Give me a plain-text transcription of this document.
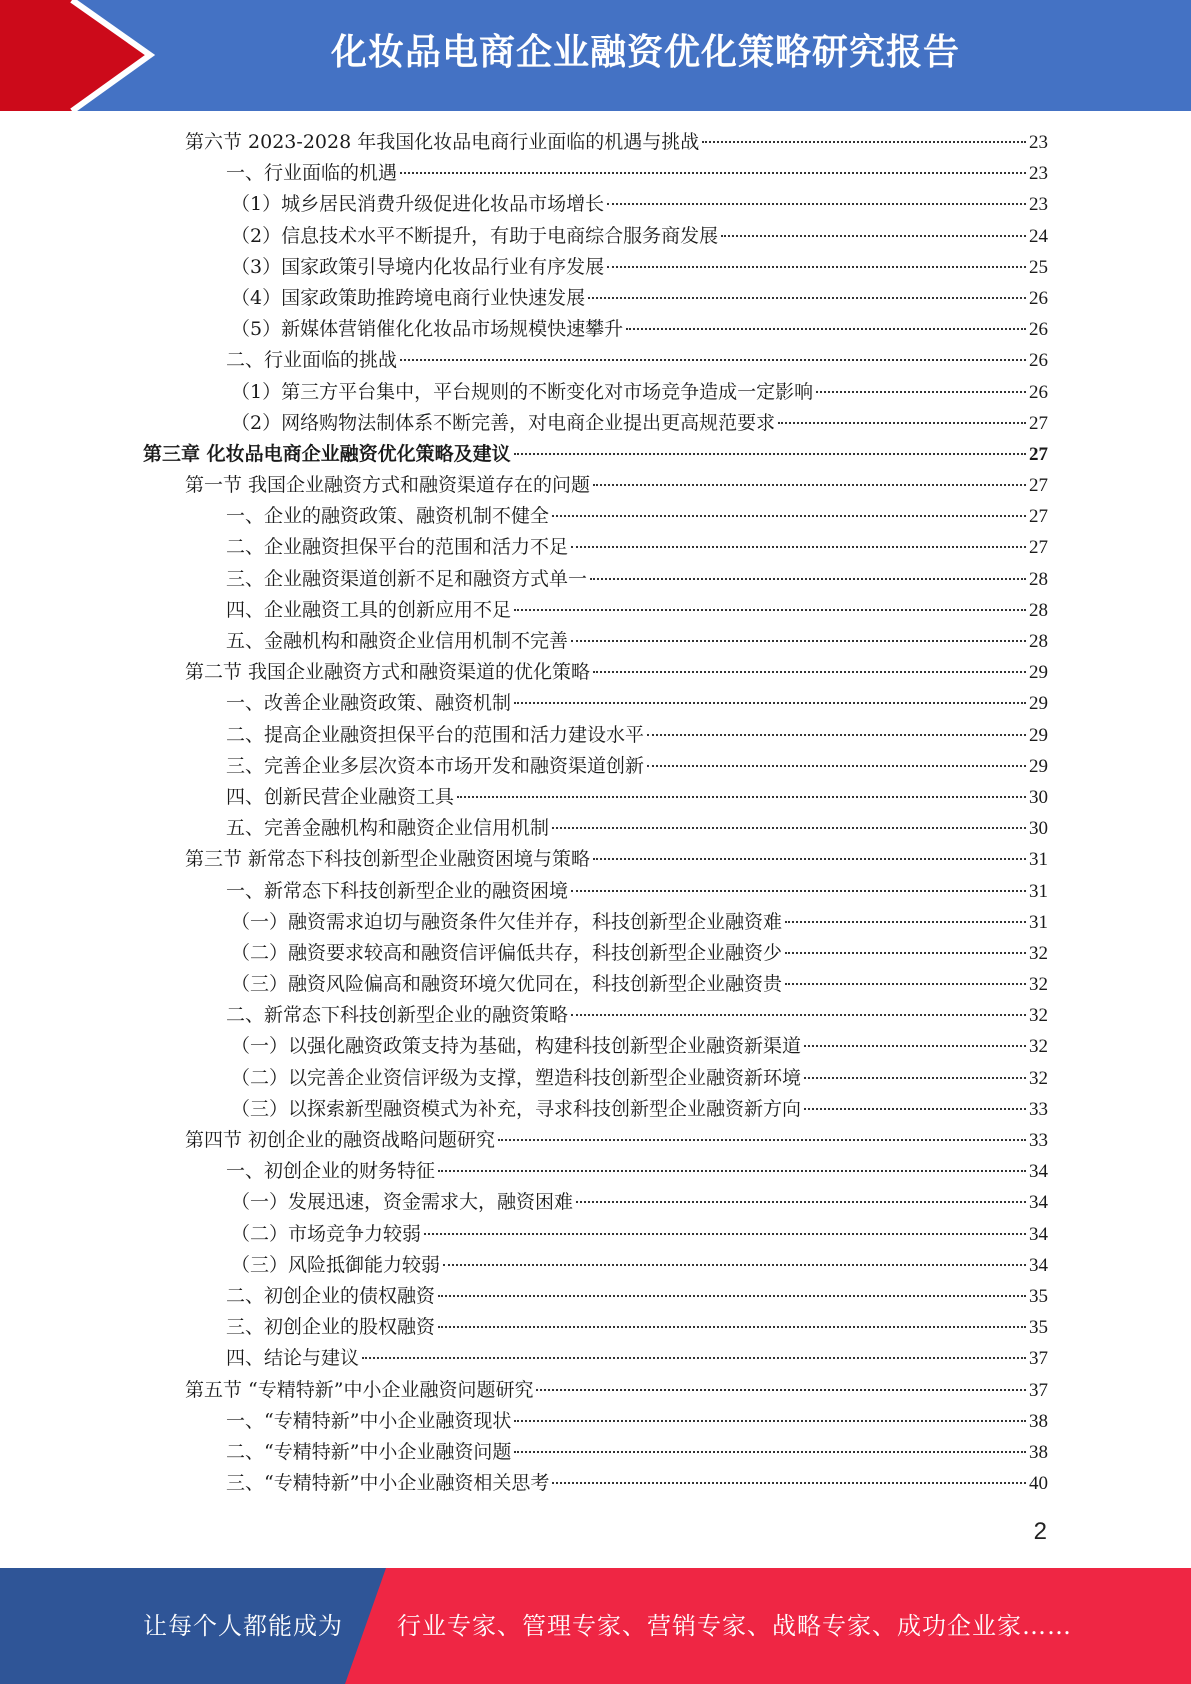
化妆品电商企业融资优化策略研究报告
第六节 2023-2028 年我国化妆品电商行业面临的机遇与挑战	23
一、行业面临的机遇	23
（1）城乡居民消费升级促进化妆品市场增长	23
（2）信息技术水平不断提升，有助于电商综合服务商发展	24
（3）国家政策引导境内化妆品行业有序发展	25
（4）国家政策助推跨境电商行业快速发展	26
（5）新媒体营销催化化妆品市场规模快速攀升	26
二、行业面临的挑战	26
（1）第三方平台集中，平台规则的不断变化对市场竞争造成一定影响	26
（2）网络购物法制体系不断完善，对电商企业提出更高规范要求	27
第三章 化妆品电商企业融资优化策略及建议	27
第一节 我国企业融资方式和融资渠道存在的问题	27
一、企业的融资政策、融资机制不健全	27
二、企业融资担保平台的范围和活力不足	27
三、企业融资渠道创新不足和融资方式单一	28
四、企业融资工具的创新应用不足	28
五、金融机构和融资企业信用机制不完善	28
第二节 我国企业融资方式和融资渠道的优化策略	29
一、改善企业融资政策、融资机制	29
二、提高企业融资担保平台的范围和活力建设水平	29
三、完善企业多层次资本市场开发和融资渠道创新	29
四、创新民营企业融资工具	30
五、完善金融机构和融资企业信用机制	30
第三节 新常态下科技创新型企业融资困境与策略	31
一、新常态下科技创新型企业的融资困境	31
（一）融资需求迫切与融资条件欠佳并存，科技创新型企业融资难	31
（二）融资要求较高和融资信评偏低共存，科技创新型企业融资少	32
（三）融资风险偏高和融资环境欠优同在，科技创新型企业融资贵	32
二、新常态下科技创新型企业的融资策略	32
（一）以强化融资政策支持为基础，构建科技创新型企业融资新渠道	32
（二）以完善企业资信评级为支撑，塑造科技创新型企业融资新环境	32
（三）以探索新型融资模式为补充，寻求科技创新型企业融资新方向	33
第四节 初创企业的融资战略问题研究	33
一、初创企业的财务特征	34
（一）发展迅速，资金需求大，融资困难	34
（二）市场竞争力较弱	34
（三）风险抵御能力较弱	34
二、初创企业的债权融资	35
三、初创企业的股权融资	35
四、结论与建议	37
第五节 “专精特新”中小企业融资问题研究	37
一、“专精特新”中小企业融资现状	38
二、“专精特新”中小企业融资问题	38
三、“专精特新”中小企业融资相关思考	40
2
让每个人都能成为 行业专家、管理专家、营销专家、战略专家、成功企业家……
